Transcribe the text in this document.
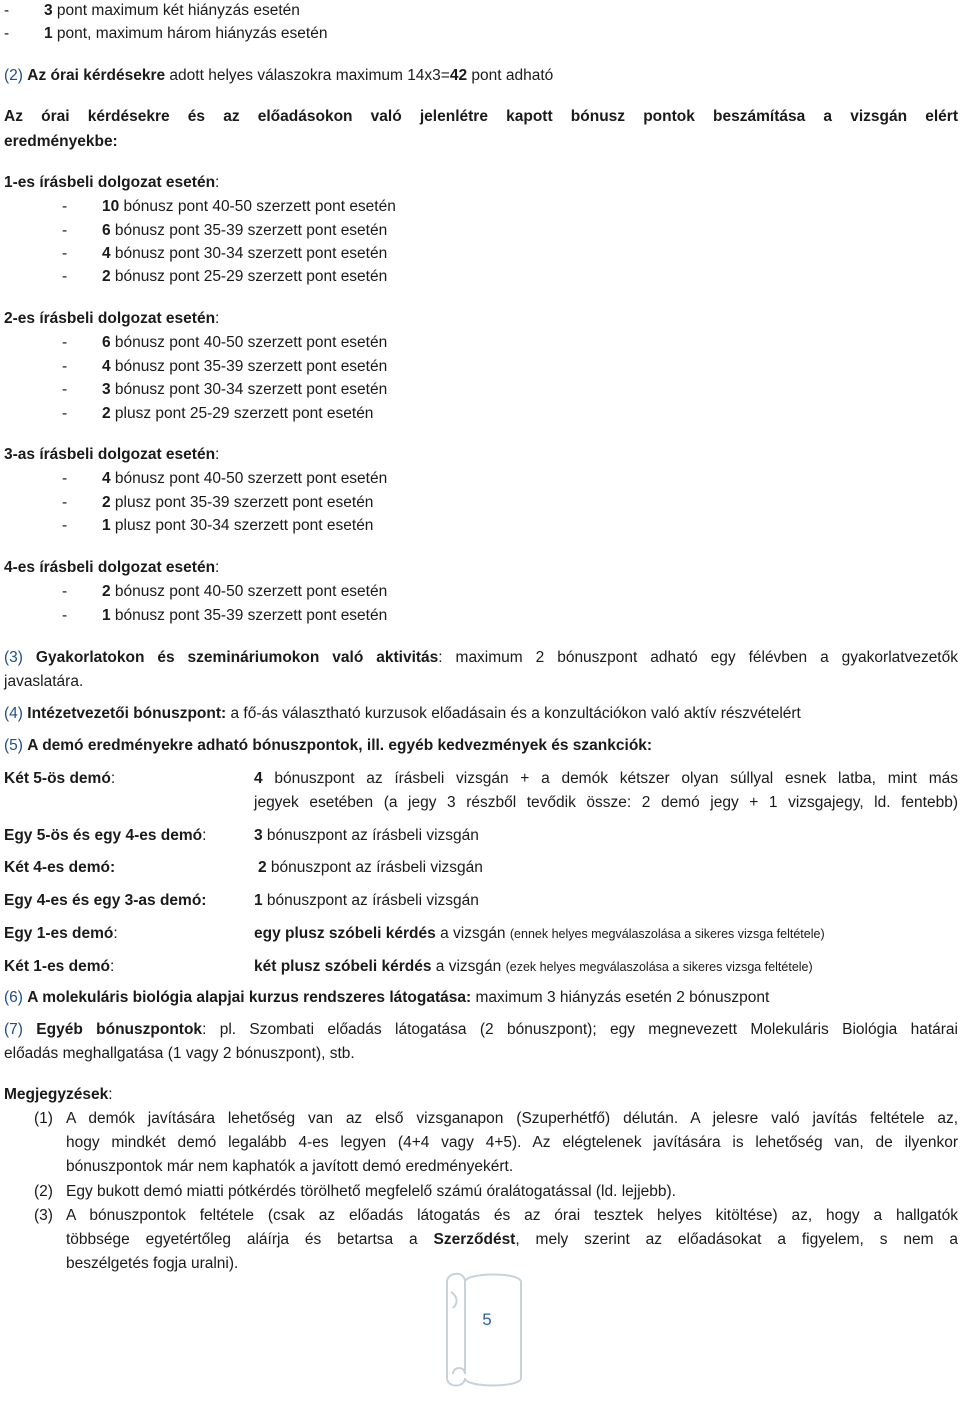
- 3 pont maximum két hiányzás esetén
- 1 pont, maximum három hiányzás esetén
(2) Az órai kérdésekre adott helyes válaszokra maximum 14x3=42 pont adható
Az órai kérdésekre és az előadásokon való jelenlétre kapott bónusz pontok beszámítása a vizsgán elért
eredményekbe:
1-es írásbeli dolgozat esetén:
- 10 bónusz pont 40-50 szerzett pont esetén
- 6 bónusz pont 35-39 szerzett pont esetén
- 4 bónusz pont 30-34 szerzett pont esetén
- 2 bónusz pont 25-29 szerzett pont esetén
2-es írásbeli dolgozat esetén:
- 6 bónusz pont 40-50 szerzett pont esetén
- 4 bónusz pont 35-39 szerzett pont esetén
- 3 bónusz pont 30-34 szerzett pont esetén
- 2 plusz pont 25-29 szerzett pont esetén
3-as írásbeli dolgozat esetén:
- 4 bónusz pont 40-50 szerzett pont esetén
- 2 plusz pont 35-39 szerzett pont esetén
- 1 plusz pont 30-34 szerzett pont esetén
4-es írásbeli dolgozat esetén:
- 2 bónusz pont 40-50 szerzett pont esetén
- 1 bónusz pont 35-39 szerzett pont esetén
(3) Gyakorlatokon és szemináriumokon való aktivitás: maximum 2 bónuszpont adható egy félévben a gyakorlatvezetők
javaslatára.
(4) Intézetvezetői bónuszpont: a fő-ás választható kurzusok előadásain és a konzultációkon való aktív részvételért
(5) A demó eredményekre adható bónuszpontok, ill. egyéb kedvezmények és szankciók:
Két 5-ös demó:	4 bónuszpont az írásbeli vizsgán + a demók kétszer olyan súllyal esnek latba, mint más
jegyek esetében (a jegy 3 részből tevődik össze: 2 demó jegy + 1 vizsgajegy, ld. fentebb)
Egy 5-ös és egy 4-es demó:	3 bónuszpont az írásbeli vizsgán
Két 4-es demó:	2 bónuszpont az írásbeli vizsgán
Egy 4-es és egy 3-as demó:	1 bónuszpont az írásbeli vizsgán
Egy 1-es demó:	egy plusz szóbeli kérdés a vizsgán (ennek helyes megválaszolása a sikeres vizsga feltétele)
Két 1-es demó:	két plusz szóbeli kérdés a vizsgán (ezek helyes megválaszolása a sikeres vizsga feltétele)
(6) A molekuláris biológia alapjai kurzus rendszeres látogatása: maximum 3 hiányzás esetén 2 bónuszpont
(7) Egyéb bónuszpontok: pl. Szombati előadás látogatása (2 bónuszpont); egy megnevezett Molekuláris Biológia határai
előadás meghallgatása (1 vagy 2 bónuszpont), stb.
Megjegyzések:
(1) A demók javítására lehetőség van az első vizsganapon (Szuperhétfő) délután. A jelesre való javítás feltétele az,
hogy mindkét demó legalább 4-es legyen (4+4 vagy 4+5). Az elégtelenek javítására is lehetőség van, de ilyenkor
bónuszpontok már nem kaphatók a javított demó eredményekért.
(2) Egy bukott demó miatti pótkérdés törölhető megfelelő számú óralátogatással (ld. lejjebb).
(3) A bónuszpontok feltétele (csak az előadás látogatás és az órai tesztek helyes kitöltése) az, hogy a hallgatók
többsége egyetértőleg aláírja és betartsa a Szerződést, mely szerint az előadásokat a figyelem, s nem a
beszélgetés fogja uralni).
5
